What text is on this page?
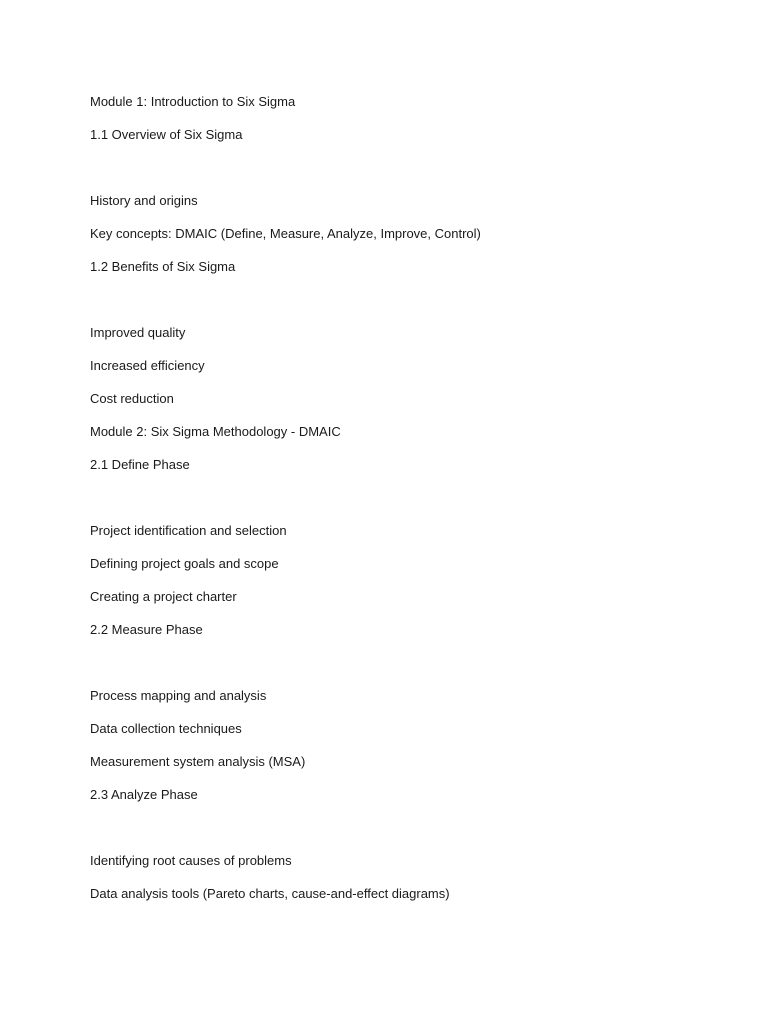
Module 1: Introduction to Six Sigma
1.1 Overview of Six Sigma
History and origins
Key concepts: DMAIC (Define, Measure, Analyze, Improve, Control)
1.2 Benefits of Six Sigma
Improved quality
Increased efficiency
Cost reduction
Module 2: Six Sigma Methodology - DMAIC
2.1 Define Phase
Project identification and selection
Defining project goals and scope
Creating a project charter
2.2 Measure Phase
Process mapping and analysis
Data collection techniques
Measurement system analysis (MSA)
2.3 Analyze Phase
Identifying root causes of problems
Data analysis tools (Pareto charts, cause-and-effect diagrams)
